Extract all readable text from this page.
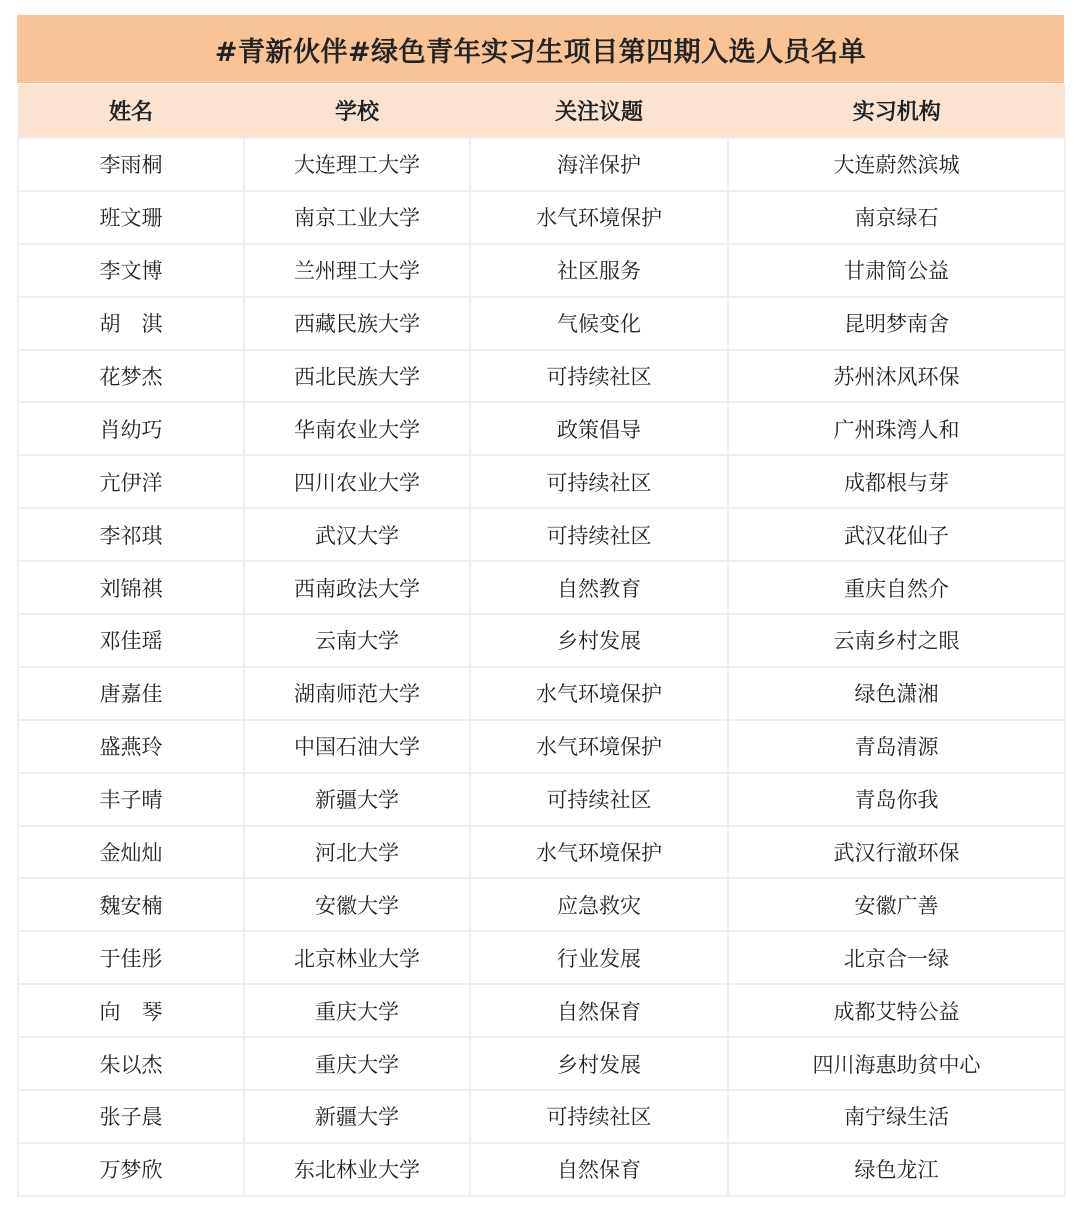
#青新伙伴#绿色青年实习生项目第四期入选人员名单
姓名	学校	关注议题	实习机构
李雨桐	大连理工大学	海洋保护	大连蔚然滨城
班文珊	南京工业大学	水气环境保护	南京绿石
李文博	兰州理工大学	社区服务	甘肃简公益
胡　淇	西藏民族大学	气候变化	昆明梦南舍
花梦杰	西北民族大学	可持续社区	苏州沐风环保
肖幼巧	华南农业大学	政策倡导	广州珠湾人和
亢伊洋	四川农业大学	可持续社区	成都根与芽
李祁琪	武汉大学	可持续社区	武汉花仙子
刘锦祺	西南政法大学	自然教育	重庆自然介
邓佳瑶	云南大学	乡村发展	云南乡村之眼
唐嘉佳	湖南师范大学	水气环境保护	绿色潇湘
盛燕玲	中国石油大学	水气环境保护	青岛清源
丰子晴	新疆大学	可持续社区	青岛你我
金灿灿	河北大学	水气环境保护	武汉行澈环保
魏安楠	安徽大学	应急救灾	安徽广善
于佳彤	北京林业大学	行业发展	北京合一绿
向　琴	重庆大学	自然保育	成都艾特公益
朱以杰	重庆大学	乡村发展	四川海惠助贫中心
张子晨	新疆大学	可持续社区	南宁绿生活
万梦欣	东北林业大学	自然保育	绿色龙江
